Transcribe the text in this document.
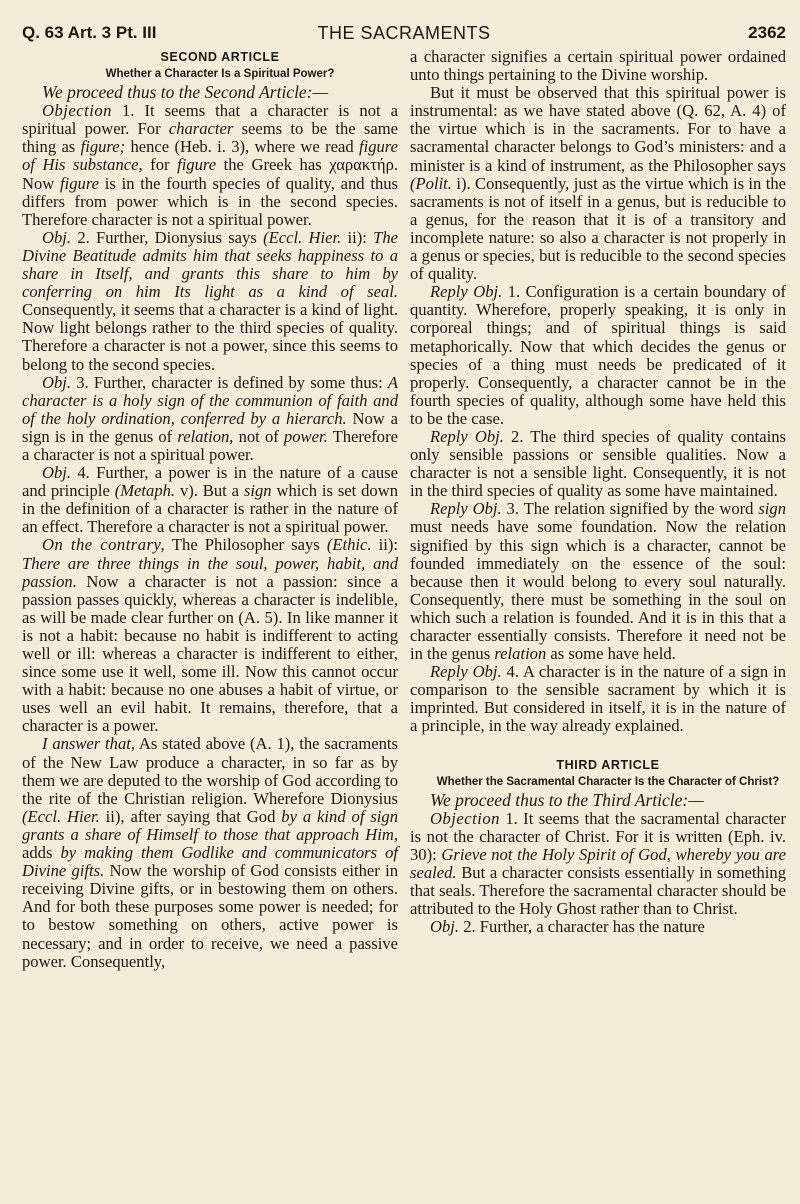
Q. 63 Art. 3 Pt. III	THE SACRAMENTS	2362

SECOND ARTICLE

Whether a Character Is a Spiritual Power?

We proceed thus to the Second Article:—

Objection 1. It seems that a character is not a spiritual power. For character seems to be the same thing as figure; hence (Heb. i. 3), where we read figure of His substance, for figure the Greek has χαρακτήρ. Now figure is in the fourth species of quality, and thus differs from power which is in the second species. Therefore character is not a spiritual power.

Obj. 2. Further, Dionysius says (Eccl. Hier. ii): The Divine Beatitude admits him that seeks happiness to a share in Itself, and grants this share to him by conferring on him Its light as a kind of seal. Consequently, it seems that a character is a kind of light. Now light belongs rather to the third species of quality. Therefore a character is not a power, since this seems to belong to the second species.

Obj. 3. Further, character is defined by some thus: A character is a holy sign of the communion of faith and of the holy ordination, conferred by a hierarch. Now a sign is in the genus of relation, not of power. Therefore a character is not a spiritual power.

Obj. 4. Further, a power is in the nature of a cause and principle (Metaph. v). But a sign which is set down in the definition of a character is rather in the nature of an effect. Therefore a character is not a spiritual power.

On the contrary, The Philosopher says (Ethic. ii): There are three things in the soul, power, habit, and passion. Now a character is not a passion: since a passion passes quickly, whereas a character is indelible, as will be made clear further on (A. 5). In like manner it is not a habit: because no habit is indifferent to acting well or ill: whereas a character is indifferent to either, since some use it well, some ill. Now this cannot occur with a habit: because no one abuses a habit of virtue, or uses well an evil habit. It remains, therefore, that a character is a power.

I answer that, As stated above (A. 1), the sacraments of the New Law produce a character, in so far as by them we are deputed to the worship of God according to the rite of the Christian religion. Wherefore Dionysius (Eccl. Hier. ii), after saying that God by a kind of sign grants a share of Himself to those that approach Him, adds by making them Godlike and communicators of Divine gifts. Now the worship of God consists either in receiving Divine gifts, or in bestowing them on others. And for both these purposes some power is needed; for to bestow something on others, active power is necessary; and in order to receive, we need a passive power. Consequently,

a character signifies a certain spiritual power ordained unto things pertaining to the Divine worship.

But it must be observed that this spiritual power is instrumental: as we have stated above (Q. 62, A. 4) of the virtue which is in the sacraments. For to have a sacramental character belongs to God’s ministers: and a minister is a kind of instrument, as the Philosopher says (Polit. i). Consequently, just as the virtue which is in the sacraments is not of itself in a genus, but is reducible to a genus, for the reason that it is of a transitory and incomplete nature: so also a character is not properly in a genus or species, but is reducible to the second species of quality.

Reply Obj. 1. Configuration is a certain boundary of quantity. Wherefore, properly speaking, it is only in corporeal things; and of spiritual things is said metaphorically. Now that which decides the genus or species of a thing must needs be predicated of it properly. Consequently, a character cannot be in the fourth species of quality, although some have held this to be the case.

Reply Obj. 2. The third species of quality contains only sensible passions or sensible qualities. Now a character is not a sensible light. Consequently, it is not in the third species of quality as some have maintained.

Reply Obj. 3. The relation signified by the word sign must needs have some foundation. Now the relation signified by this sign which is a character, cannot be founded immediately on the essence of the soul: because then it would belong to every soul naturally. Consequently, there must be something in the soul on which such a relation is founded. And it is in this that a character essentially consists. Therefore it need not be in the genus relation as some have held.

Reply Obj. 4. A character is in the nature of a sign in comparison to the sensible sacrament by which it is imprinted. But considered in itself, it is in the nature of a principle, in the way already explained.

THIRD ARTICLE

Whether the Sacramental Character Is the Character of Christ?

We proceed thus to the Third Article:—

Objection 1. It seems that the sacramental character is not the character of Christ. For it is written (Eph. iv. 30): Grieve not the Holy Spirit of God, whereby you are sealed. But a character consists essentially in something that seals. Therefore the sacramental character should be attributed to the Holy Ghost rather than to Christ.

Obj. 2. Further, a character has the nature
